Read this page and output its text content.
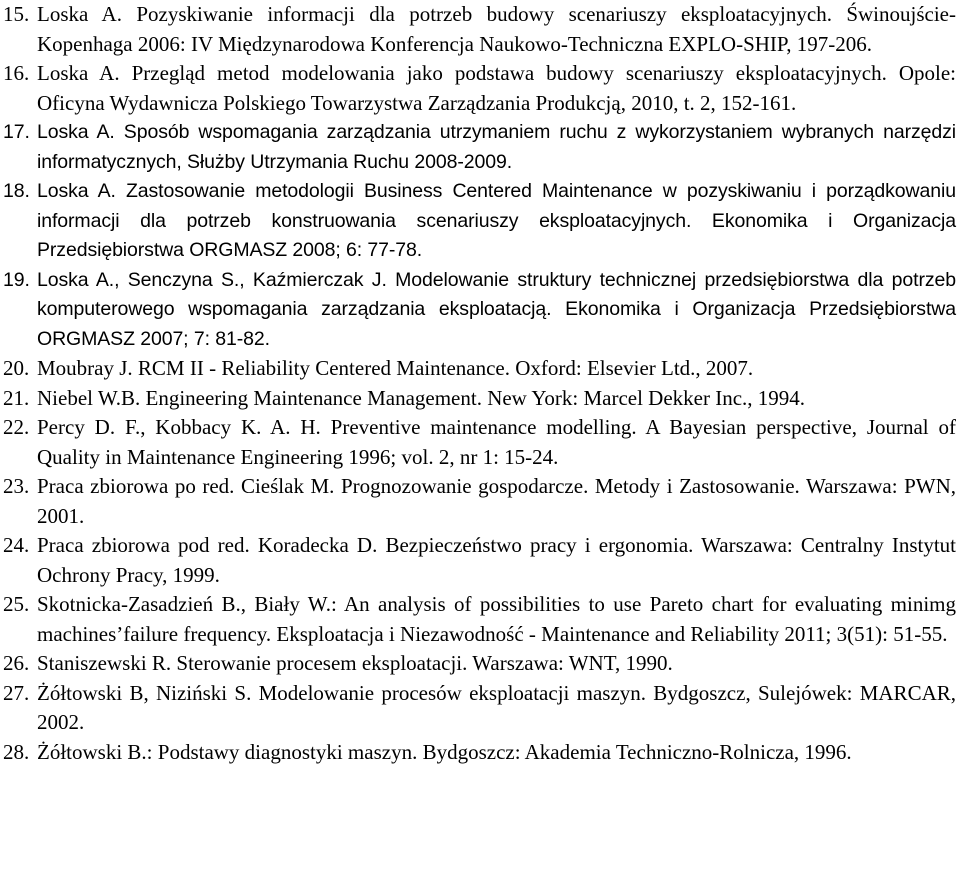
15. Loska A. Pozyskiwanie informacji dla potrzeb budowy scenariuszy eksploatacyjnych. Świnoujście-Kopenhaga 2006: IV Międzynarodowa Konferencja Naukowo-Techniczna EXPLO-SHIP, 197-206.
16. Loska A. Przegląd metod modelowania jako podstawa budowy scenariuszy eksploatacyjnych. Opole: Oficyna Wydawnicza Polskiego Towarzystwa Zarządzania Produkcją, 2010, t. 2, 152-161.
17. Loska A. Sposób wspomagania zarządzania utrzymaniem ruchu z wykorzystaniem wybranych narzędzi informatycznych, Służby Utrzymania Ruchu 2008-2009.
18. Loska A. Zastosowanie metodologii Business Centered Maintenance w pozyskiwaniu i porządkowaniu informacji dla potrzeb konstruowania scenariuszy eksploatacyjnych. Ekonomika i Organizacja Przedsiębiorstwa ORGMASZ 2008; 6: 77-78.
19. Loska A., Senczyna S., Kaźmierczak J. Modelowanie struktury technicznej przedsiębiorstwa dla potrzeb komputerowego wspomagania zarządzania eksploatacją. Ekonomika i Organizacja Przedsiębiorstwa ORGMASZ 2007; 7: 81-82.
20. Moubray J. RCM II - Reliability Centered Maintenance. Oxford: Elsevier Ltd., 2007.
21. Niebel W.B. Engineering Maintenance Management. New York: Marcel Dekker Inc., 1994.
22. Percy D. F., Kobbacy K. A. H. Preventive maintenance modelling. A Bayesian perspective, Journal of Quality in Maintenance Engineering 1996; vol. 2, nr 1: 15-24.
23. Praca zbiorowa po red. Cieślak M. Prognozowanie gospodarcze. Metody i Zastosowanie. Warszawa: PWN, 2001.
24. Praca zbiorowa pod red. Koradecka D. Bezpieczeństwo pracy i ergonomia. Warszawa: Centralny Instytut Ochrony Pracy, 1999.
25. Skotnicka-Zasadzień B., Biały W.: An analysis of possibilities to use Pareto chart for evaluating minimg machines’failure frequency. Eksploatacja i Niezawodność - Maintenance and Reliability 2011; 3(51): 51-55.
26. Staniszewski R. Sterowanie procesem eksploatacji. Warszawa: WNT, 1990.
27. Żółtowski B, Niziński S. Modelowanie procesów eksploatacji maszyn. Bydgoszcz, Sulejówek: MARCAR, 2002.
28. Żółtowski B.: Podstawy diagnostyki maszyn. Bydgoszcz: Akademia Techniczno-Rolnicza, 1996.
